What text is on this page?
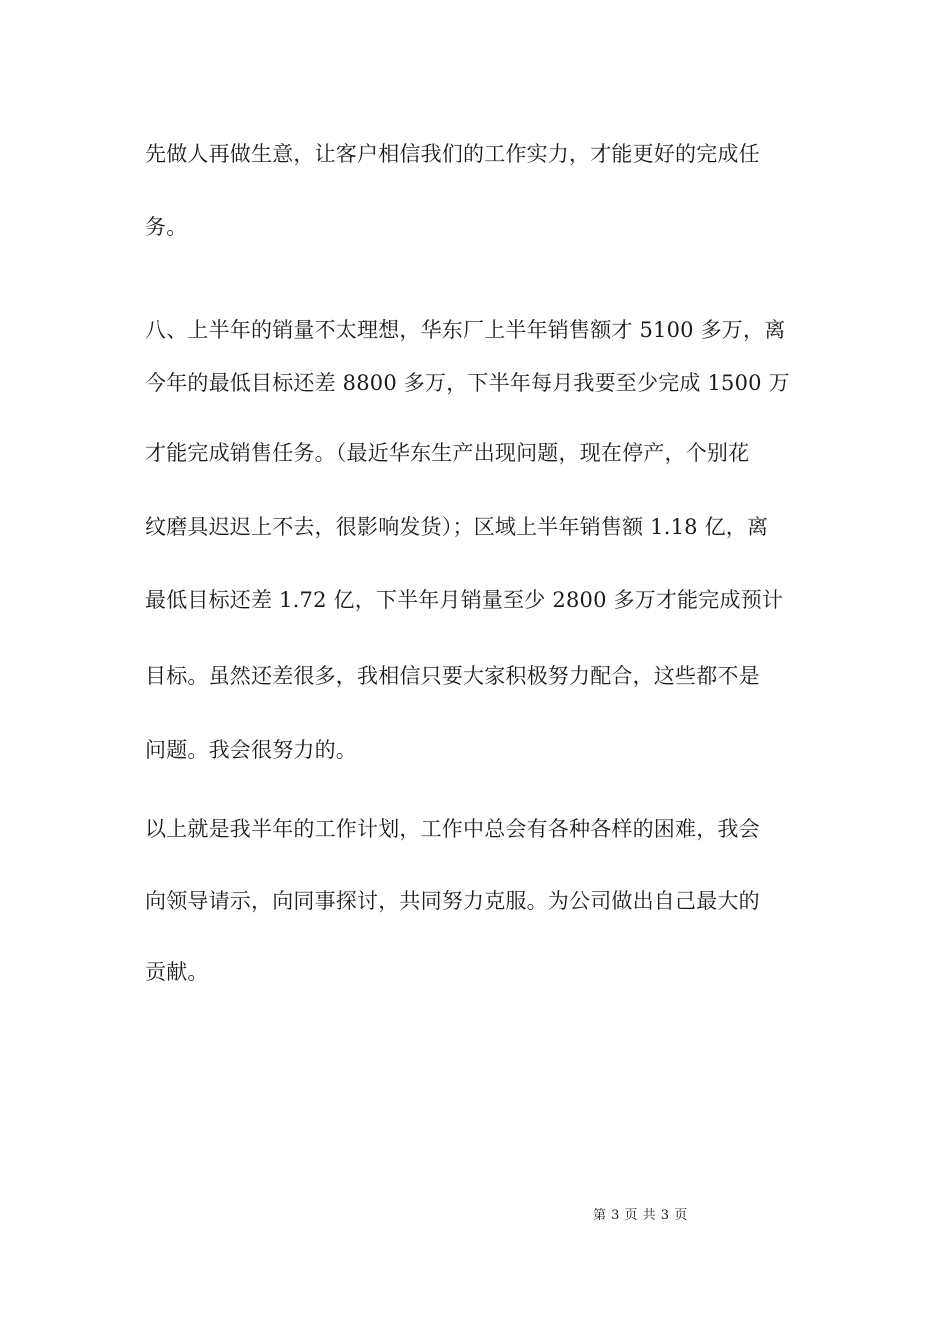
先做人再做生意，让客户相信我们的工作实力，才能更好的完成任
务。
八、上半年的销量不太理想，华东厂上半年销售额才 5100 多万，离
今年的最低目标还差 8800 多万，下半年每月我要至少完成 1500 万
才能完成销售任务。（最近华东生产出现问题，现在停产，个别花
纹磨具迟迟上不去，很影响发货）；区域上半年销售额 1.18 亿，离
最低目标还差 1.72 亿，下半年月销量至少 2800 多万才能完成预计
目标。虽然还差很多，我相信只要大家积极努力配合，这些都不是
问题。我会很努力的。
以上就是我半年的工作计划，工作中总会有各种各样的困难，我会
向领导请示，向同事探讨，共同努力克服。为公司做出自己最大的
贡献。
第 3 页 共 3 页
